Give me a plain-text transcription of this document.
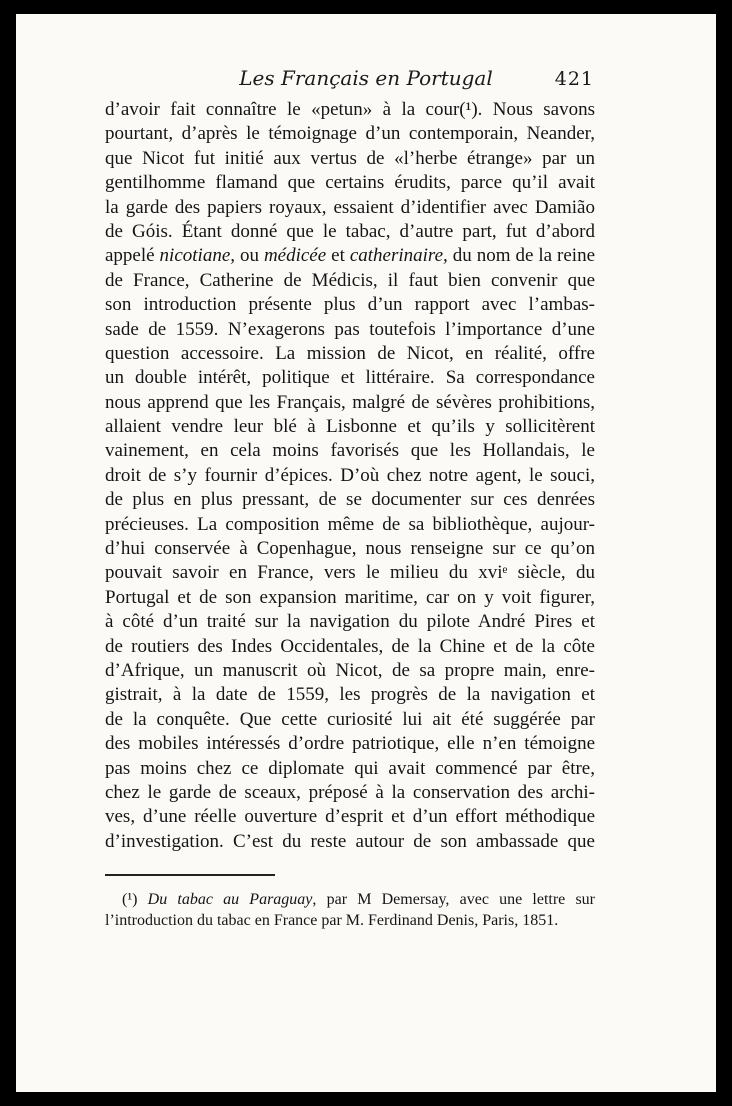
Les Français en Portugal	421
d’avoir fait connaître le «petun» à la cour(¹). Nous savons
pourtant, d’après le témoignage d’un contemporain, Neander,
que Nicot fut initié aux vertus de «l’herbe étrange» par un
gentilhomme flamand que certains érudits, parce qu’il avait
la garde des papiers royaux, essaient d’identifier avec Damião
de Góis. Étant donné que le tabac, d’autre part, fut d’abord
appelé nicotiane, ou médicée et catherinaire, du nom de la reine
de France, Catherine de Médicis, il faut bien convenir que
son introduction présente plus d’un rapport avec l’ambas-
sade de 1559. N’exagerons pas toutefois l’importance d’une
question accessoire. La mission de Nicot, en réalité, offre
un double intérêt, politique et littéraire. Sa correspondance
nous apprend que les Français, malgré de sévères prohibitions,
allaient vendre leur blé à Lisbonne et qu’ils y sollicitèrent
vainement, en cela moins favorisés que les Hollandais, le
droit de s’y fournir d’épices. D’où chez notre agent, le souci,
de plus en plus pressant, de se documenter sur ces denrées
précieuses. La composition même de sa bibliothèque, aujour-
d’hui conservée à Copenhague, nous renseigne sur ce qu’on
pouvait savoir en France, vers le milieu du xviᵉ siècle, du
Portugal et de son expansion maritime, car on y voit figurer,
à côté d’un traité sur la navigation du pilote André Pires et
de routiers des Indes Occidentales, de la Chine et de la côte
d’Afrique, un manuscrit où Nicot, de sa propre main, enre-
gistrait, à la date de 1559, les progrès de la navigation et
de la conquête. Que cette curiosité lui ait été suggérée par
des mobiles intéressés d’ordre patriotique, elle n’en témoigne
pas moins chez ce diplomate qui avait commencé par être,
chez le garde de sceaux, préposé à la conservation des archi-
ves, d’une réelle ouverture d’esprit et d’un effort méthodique
d’investigation. C’est du reste autour de son ambassade que
(¹) Du tabac au Paraguay, par M Demersay, avec une lettre sur
l’introduction du tabac en France par M. Ferdinand Denis, Paris, 1851.
